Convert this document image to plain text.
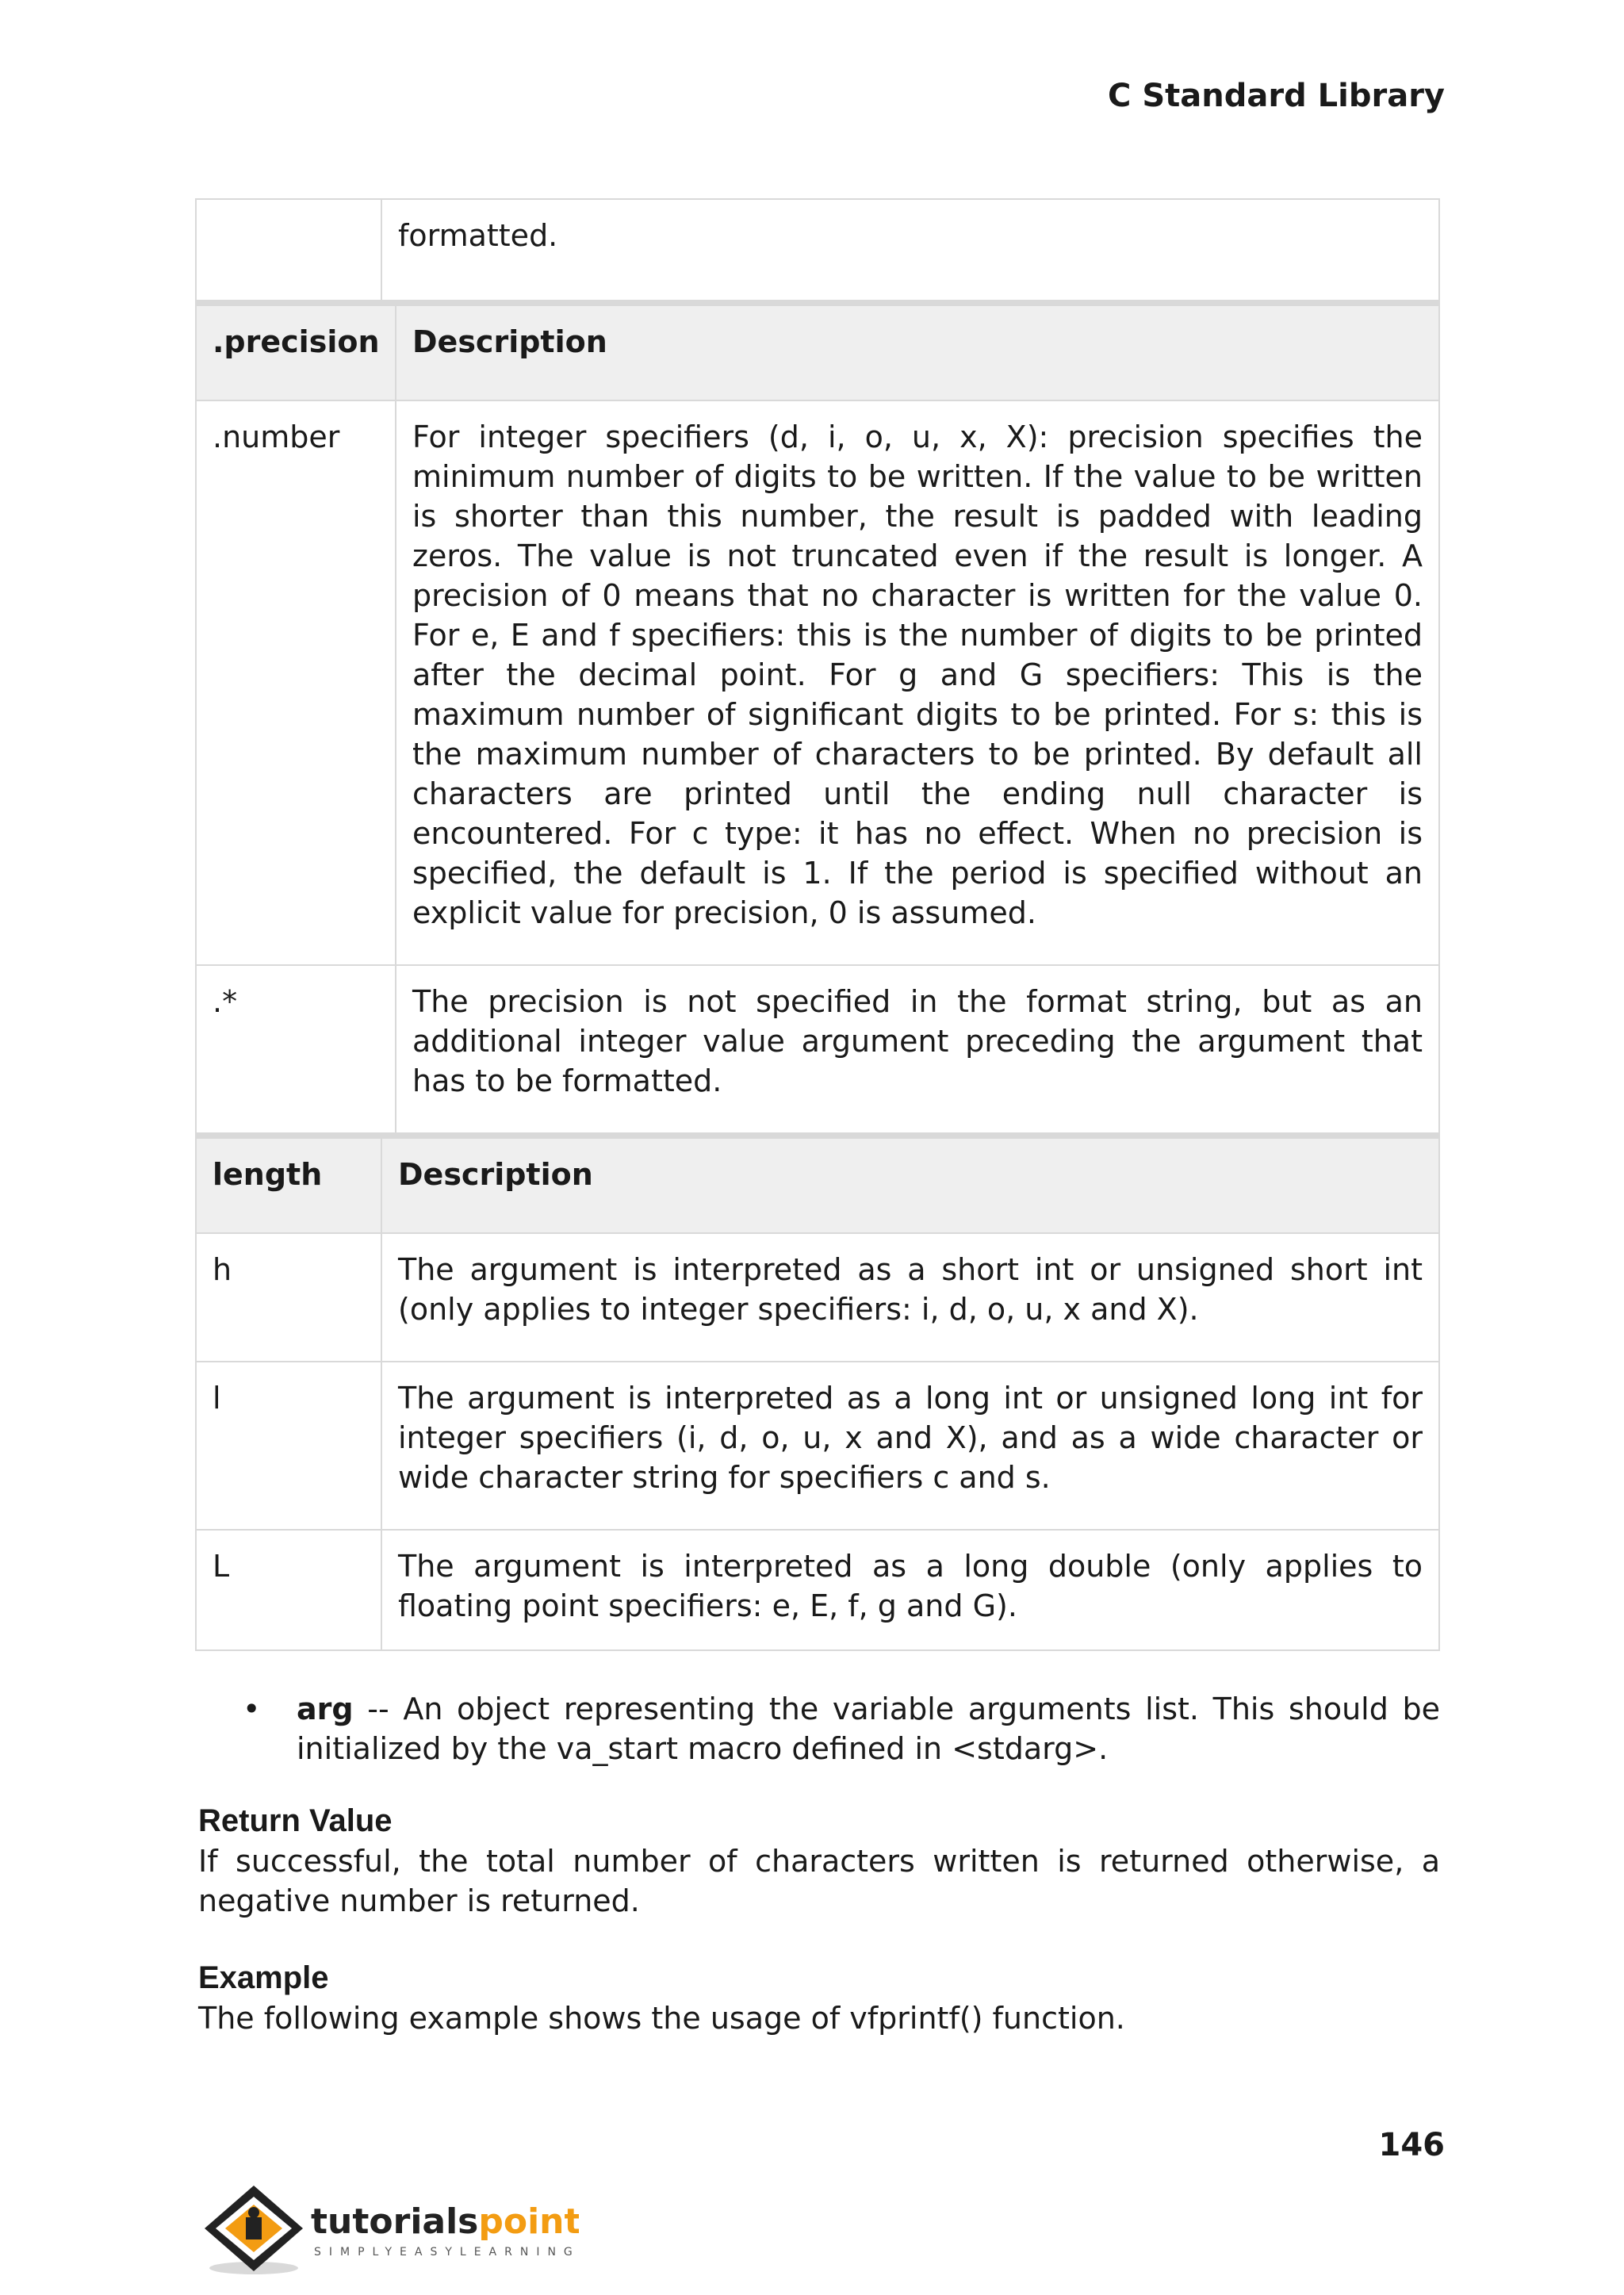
C Standard Library
formatted.
.precision	Description
.number	For integer specifiers (d, i, o, u, x, X): precision specifies the minimum number of digits to be written. If the value to be written is shorter than this number, the result is padded with leading zeros. The value is not truncated even if the result is longer. A precision of 0 means that no character is written for the value 0. For e, E and f specifiers: this is the number of digits to be printed after the decimal point. For g and G specifiers: This is the maximum number of significant digits to be printed. For s: this is the maximum number of characters to be printed. By default all characters are printed until the ending null character is encountered. For c type: it has no effect. When no precision is specified, the default is 1. If the period is specified without an explicit value for precision, 0 is assumed.
.*	The precision is not specified in the format string, but as an additional integer value argument preceding the argument that has to be formatted.
length	Description
h	The argument is interpreted as a short int or unsigned short int (only applies to integer specifiers: i, d, o, u, x and X).
l	The argument is interpreted as a long int or unsigned long int for integer specifiers (i, d, o, u, x and X), and as a wide character or wide character string for specifiers c and s.
L	The argument is interpreted as a long double (only applies to floating point specifiers: e, E, f, g and G).
• arg -- An object representing the variable arguments list. This should be initialized by the va_start macro defined in <stdarg>.
Return Value

If successful, the total number of characters written is returned otherwise, a negative number is returned.

Example

The following example shows the usage of vfprintf() function.

146
tutorialspoint
SIMPLYEASYLEARNING
